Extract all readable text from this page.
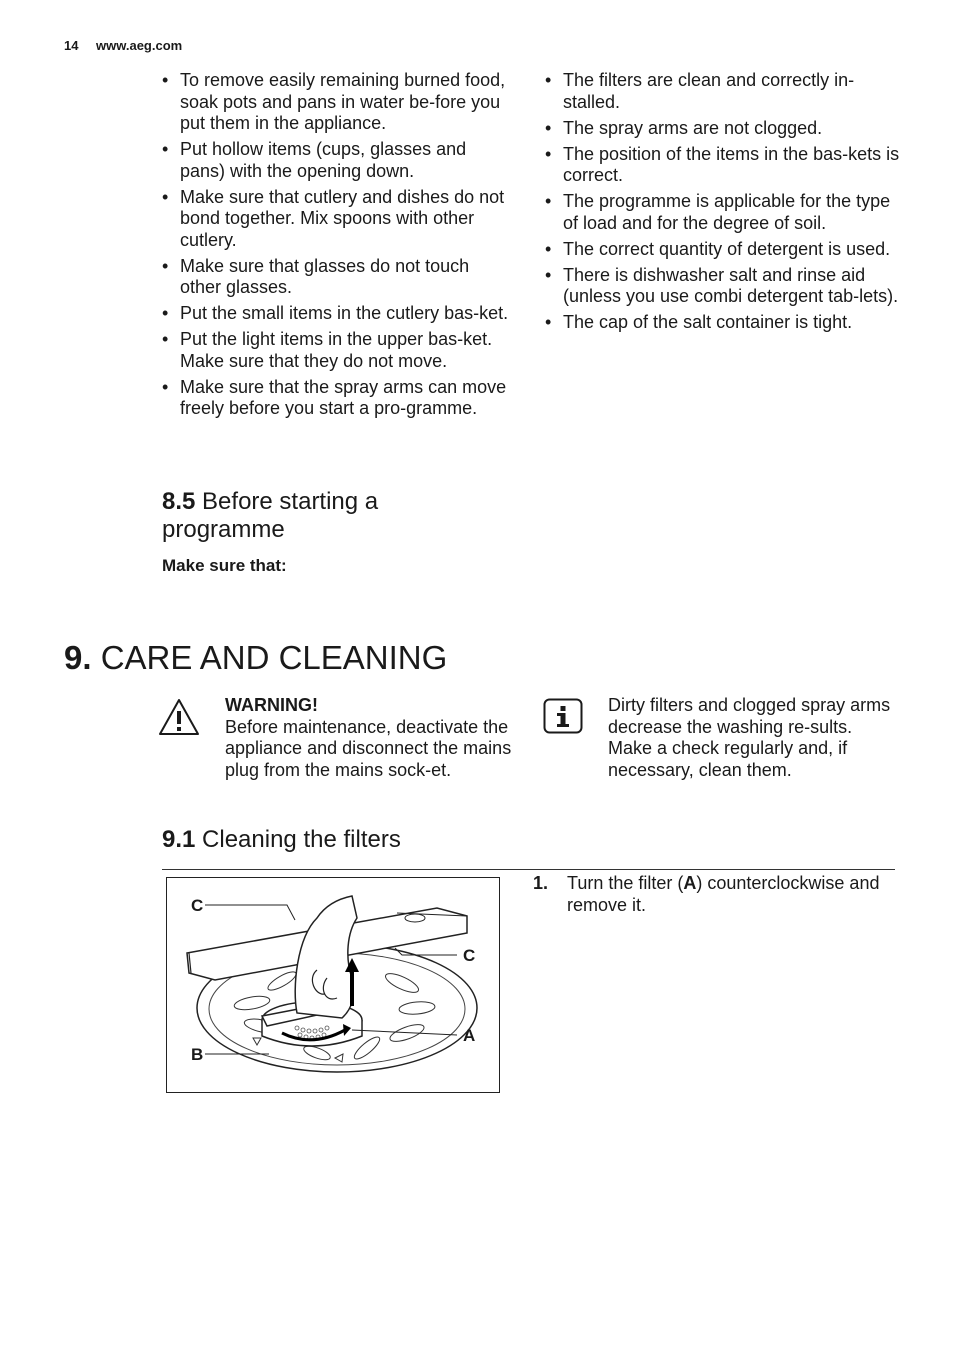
14 www.aeg.com
• To remove easily remaining burned food, soak pots and pans in water be-fore you put them in the appliance.
• Put hollow items (cups, glasses and pans) with the opening down.
• Make sure that cutlery and dishes do not bond together. Mix spoons with other cutlery.
• Make sure that glasses do not touch other glasses.
• Put the small items in the cutlery bas-ket.
• Put the light items in the upper bas-ket. Make sure that they do not move.
• Make sure that the spray arms can move freely before you start a pro-gramme.
8.5 Before starting a programme
Make sure that:
• The filters are clean and correctly in-stalled.
• The spray arms are not clogged.
• The position of the items in the bas-kets is correct.
• The programme is applicable for the type of load and for the degree of soil.
• The correct quantity of detergent is used.
• There is dishwasher salt and rinse aid (unless you use combi detergent tab-lets).
• The cap of the salt container is tight.
9. CARE AND CLEANING
WARNING!
Before maintenance, deactivate the appliance and disconnect the mains plug from the mains sock-et.
Dirty filters and clogged spray arms decrease the washing re-sults.
Make a check regularly and, if necessary, clean them.
9.1 Cleaning the filters
C
C
A
B
1. Turn the filter (A) counterclockwise and remove it.
